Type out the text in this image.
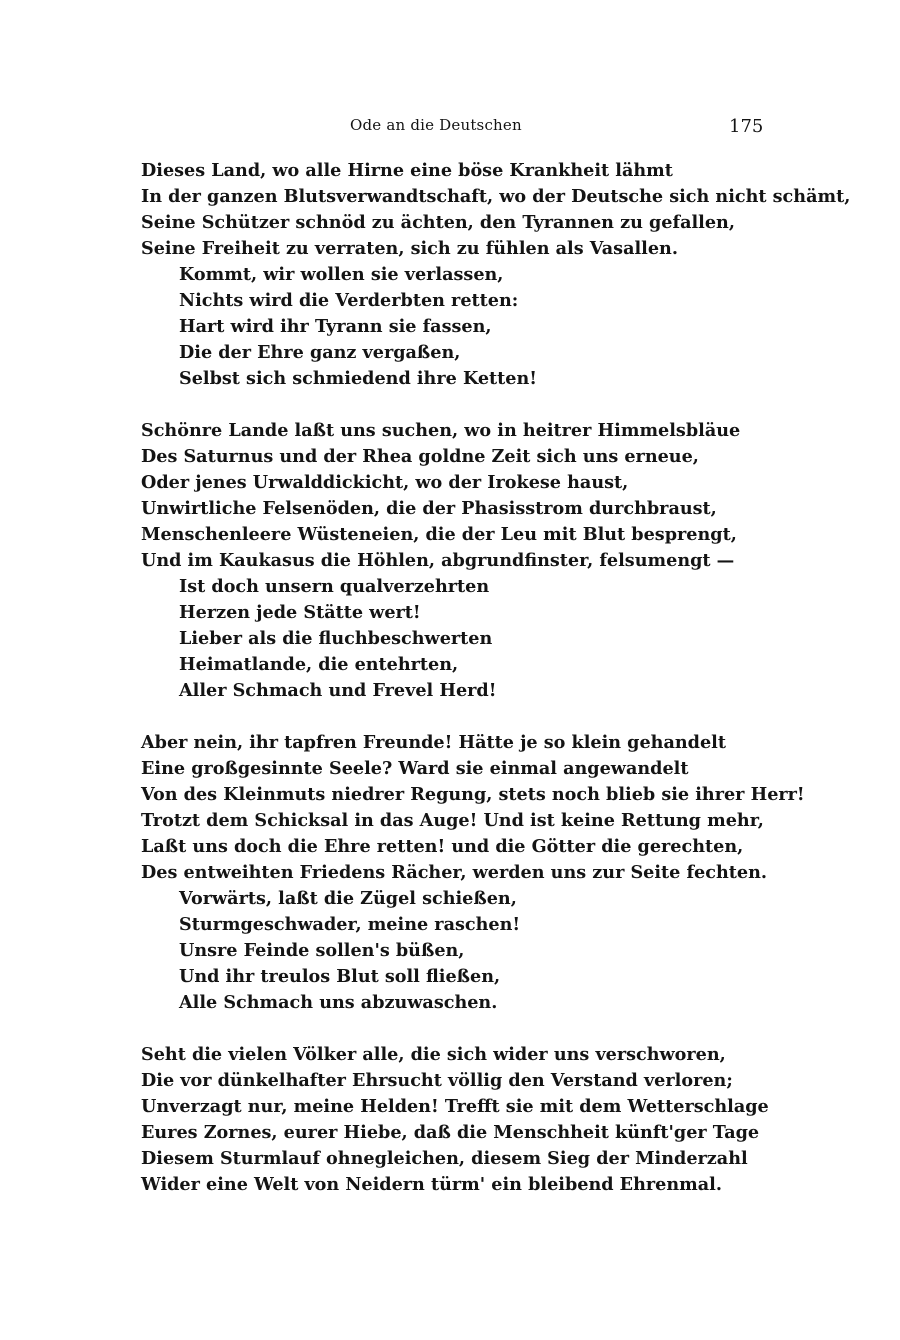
Ode an die Deutschen	175
Dieses Land, wo alle Hirne eine böse Krankheit lähmt
In der ganzen Blutsverwandtschaft, wo der Deutsche sich nicht schämt,
Seine Schützer schnöd zu ächten, den Tyrannen zu gefallen,
Seine Freiheit zu verraten, sich zu fühlen als Vasallen.
Kommt, wir wollen sie verlassen,
Nichts wird die Verderbten retten:
Hart wird ihr Tyrann sie fassen,
Die der Ehre ganz vergaßen,
Selbst sich schmiedend ihre Ketten!
Schönre Lande laßt uns suchen, wo in heitrer Himmelsbläue
Des Saturnus und der Rhea goldne Zeit sich uns erneue,
Oder jenes Urwalddickicht, wo der Irokese haust,
Unwirtliche Felsenöden, die der Phasisstrom durchbraust,
Menschenleere Wüsteneien, die der Leu mit Blut besprengt,
Und im Kaukasus die Höhlen, abgrundfinster, felsumengt —
Ist doch unsern qualverzehrten
Herzen jede Stätte wert!
Lieber als die fluchbeschwerten
Heimatlande, die entehrten,
Aller Schmach und Frevel Herd!
Aber nein, ihr tapfren Freunde! Hätte je so klein gehandelt
Eine großgesinnte Seele? Ward sie einmal angewandelt
Von des Kleinmuts niedrer Regung, stets noch blieb sie ihrer Herr!
Trotzt dem Schicksal in das Auge! Und ist keine Rettung mehr,
Laßt uns doch die Ehre retten! und die Götter die gerechten,
Des entweihten Friedens Rächer, werden uns zur Seite fechten.
Vorwärts, laßt die Zügel schießen,
Sturmgeschwader, meine raschen!
Unsre Feinde sollen's büßen,
Und ihr treulos Blut soll fließen,
Alle Schmach uns abzuwaschen.
Seht die vielen Völker alle, die sich wider uns verschworen,
Die vor dünkelhafter Ehrsucht völlig den Verstand verloren;
Unverzagt nur, meine Helden! Trefft sie mit dem Wetterschlage
Eures Zornes, eurer Hiebe, daß die Menschheit künft'ger Tage
Diesem Sturmlauf ohnegleichen, diesem Sieg der Minderzahl
Wider eine Welt von Neidern türm' ein bleibend Ehrenmal.
